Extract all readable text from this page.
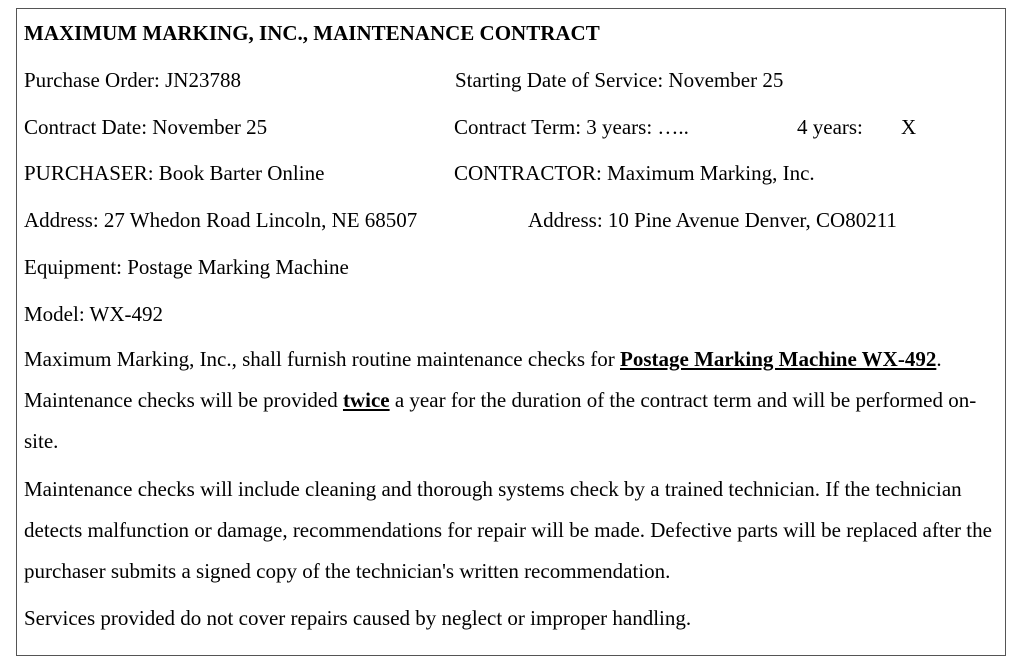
MAXIMUM MARKING, INC., MAINTENANCE CONTRACT
Purchase Order: JN23788	Starting Date of Service: November 25
Contract Date: November 25	Contract Term: 3 years: …..	4 years: X
PURCHASER: Book Barter Online	CONTRACTOR: Maximum Marking, Inc.
Address: 27 Whedon Road Lincoln, NE 68507	Address: 10 Pine Avenue Denver, CO80211
Equipment: Postage Marking Machine
Model: WX-492
Maximum Marking, Inc., shall furnish routine maintenance checks for Postage Marking Machine WX-492. Maintenance checks will be provided twice a year for the duration of the contract term and will be performed on-site.
Maintenance checks will include cleaning and thorough systems check by a trained technician. If the technician detects malfunction or damage, recommendations for repair will be made. Defective parts will be replaced after the purchaser submits a signed copy of the technician's written recommendation.
Services provided do not cover repairs caused by neglect or improper handling.
